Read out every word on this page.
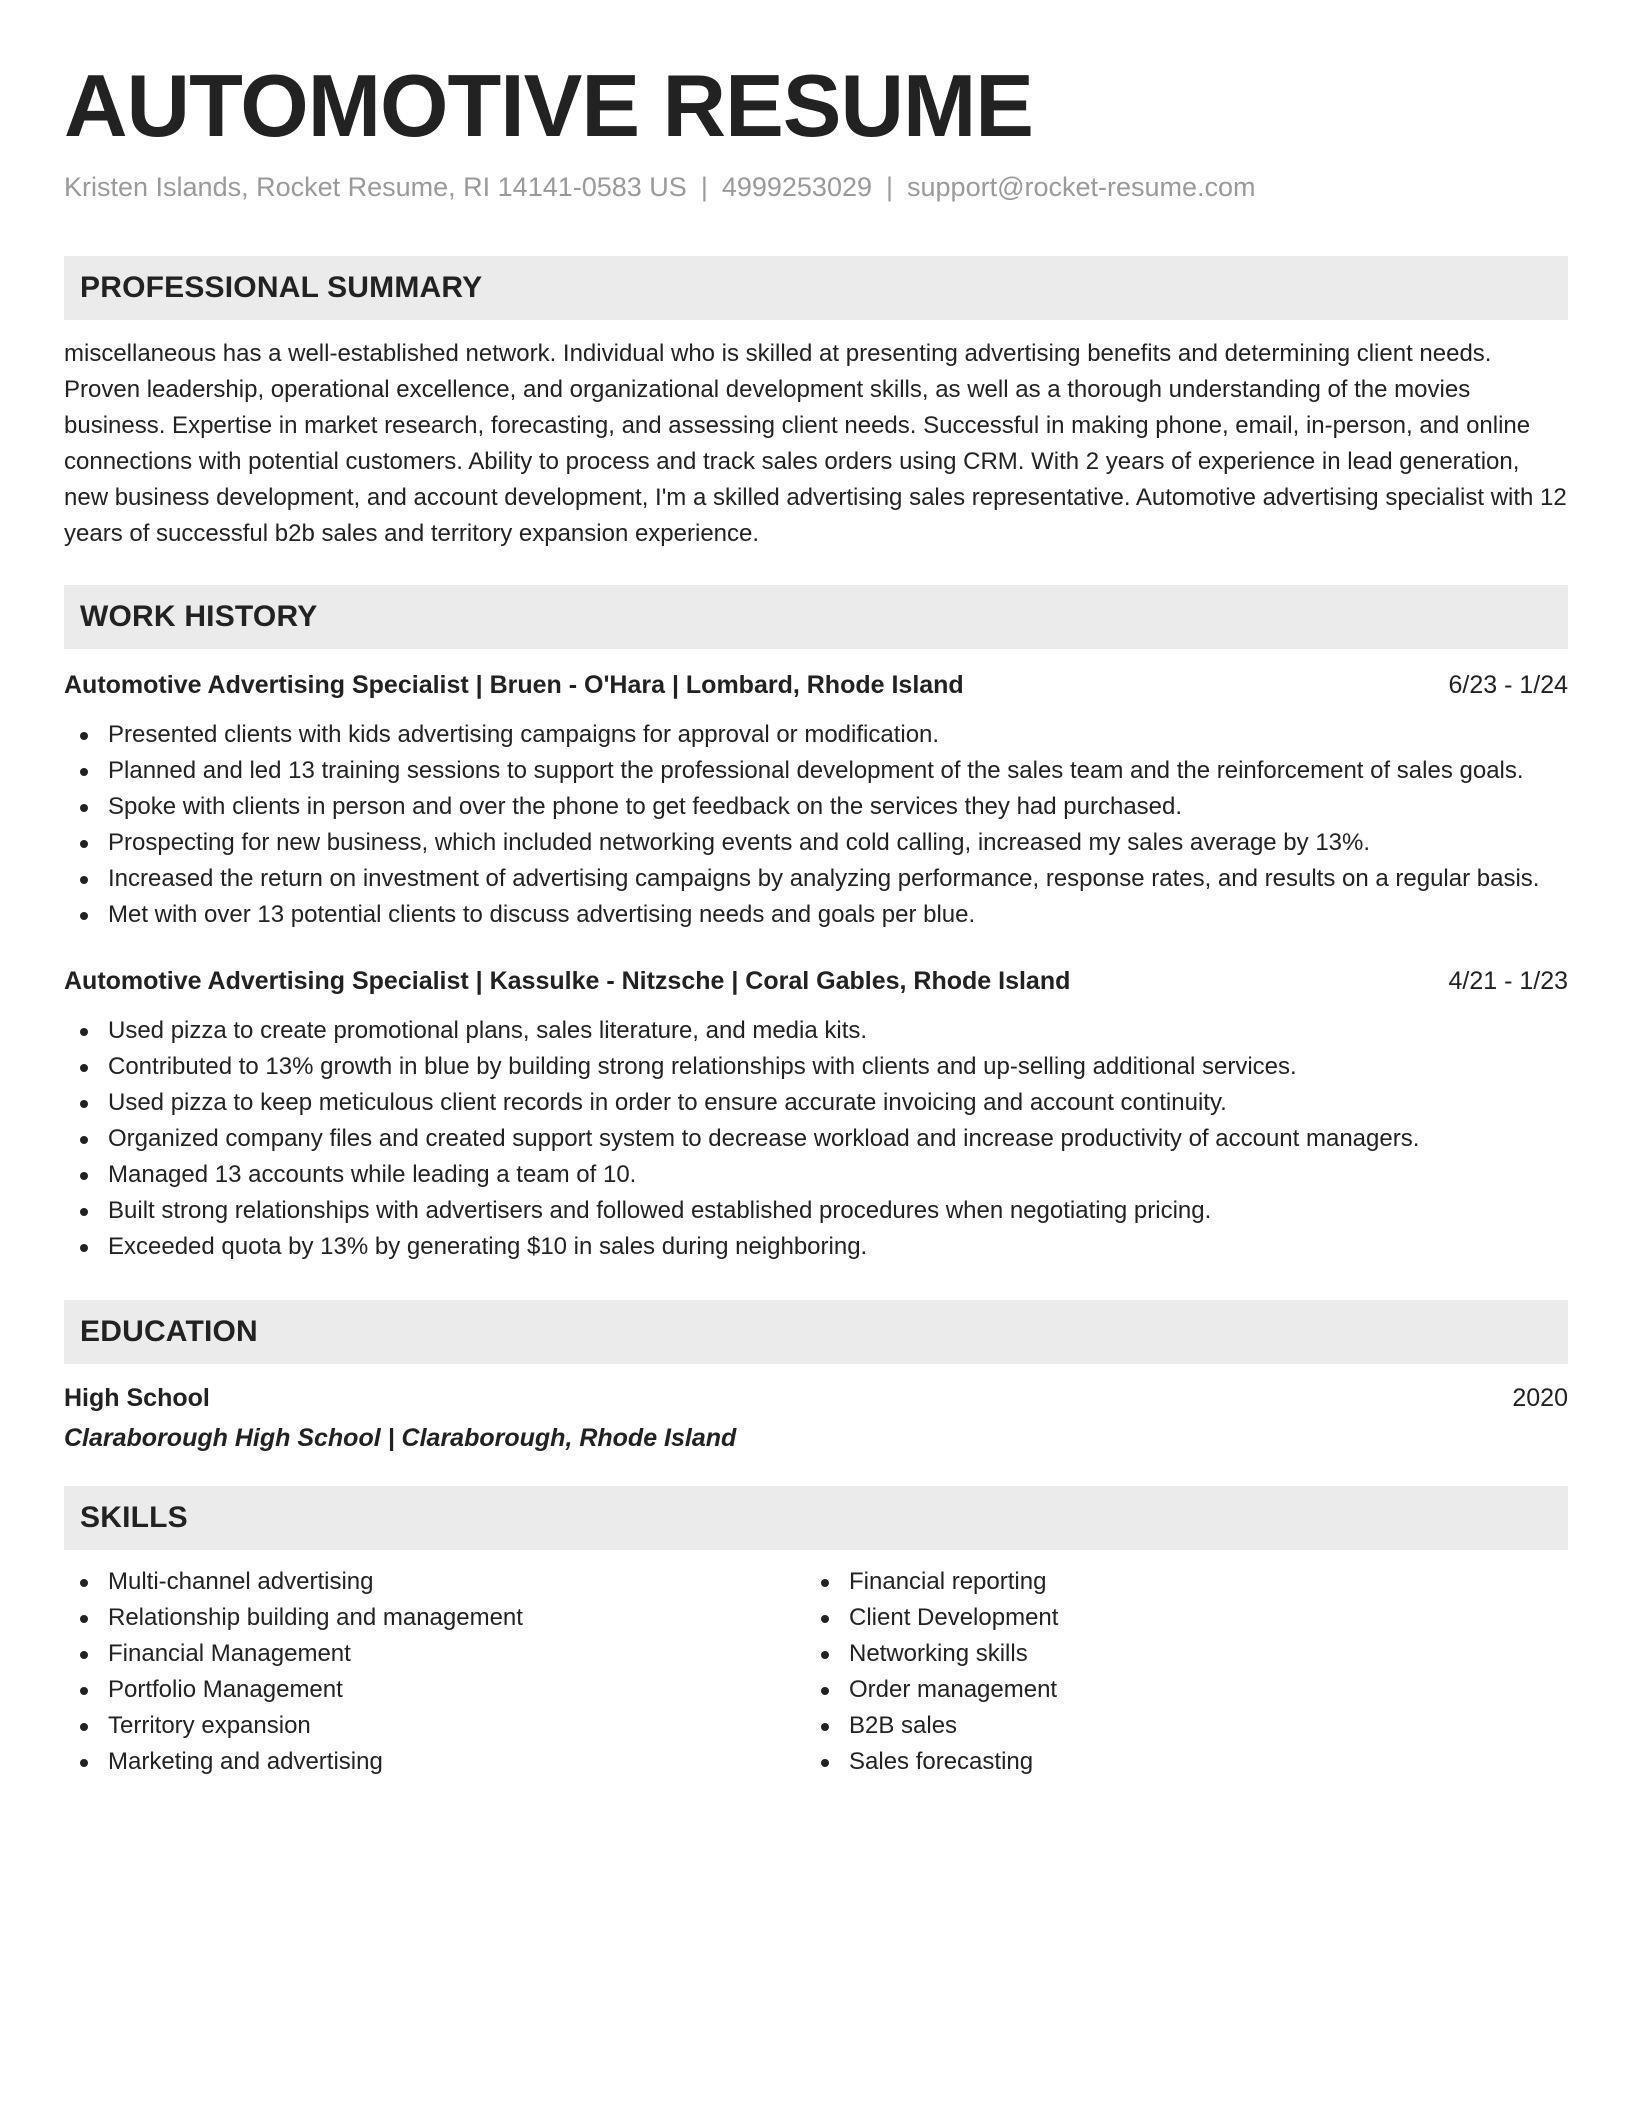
AUTOMOTIVE RESUME
Kristen Islands, Rocket Resume, RI 14141-0583 US | 4999253029 | support@rocket-resume.com
PROFESSIONAL SUMMARY

miscellaneous has a well-established network. Individual who is skilled at presenting advertising benefits and determining client needs. Proven leadership, operational excellence, and organizational development skills, as well as a thorough understanding of the movies business. Expertise in market research, forecasting, and assessing client needs. Successful in making phone, email, in-person, and online connections with potential customers. Ability to process and track sales orders using CRM. With 2 years of experience in lead generation, new business development, and account development, I'm a skilled advertising sales representative. Automotive advertising specialist with 12 years of successful b2b sales and territory expansion experience.

WORK HISTORY
Automotive Advertising Specialist | Bruen - O'Hara | Lombard, Rhode Island	6/23 - 1/24
Presented clients with kids advertising campaigns for approval or modification.
Planned and led 13 training sessions to support the professional development of the sales team and the reinforcement of sales goals.
Spoke with clients in person and over the phone to get feedback on the services they had purchased.
Prospecting for new business, which included networking events and cold calling, increased my sales average by 13%.
Increased the return on investment of advertising campaigns by analyzing performance, response rates, and results on a regular basis.
Met with over 13 potential clients to discuss advertising needs and goals per blue.
Automotive Advertising Specialist | Kassulke - Nitzsche | Coral Gables, Rhode Island	4/21 - 1/23
Used pizza to create promotional plans, sales literature, and media kits.
Contributed to 13% growth in blue by building strong relationships with clients and up-selling additional services.
Used pizza to keep meticulous client records in order to ensure accurate invoicing and account continuity.
Organized company files and created support system to decrease workload and increase productivity of account managers.
Managed 13 accounts while leading a team of 10.
Built strong relationships with advertisers and followed established procedures when negotiating pricing.
Exceeded quota by 13% by generating $10 in sales during neighboring.
EDUCATION
High School	2020
Claraborough High School | Claraborough, Rhode Island
SKILLS
Multi-channel advertising
Relationship building and management
Financial Management
Portfolio Management
Territory expansion
Marketing and advertising
Financial reporting
Client Development
Networking skills
Order management
B2B sales
Sales forecasting
